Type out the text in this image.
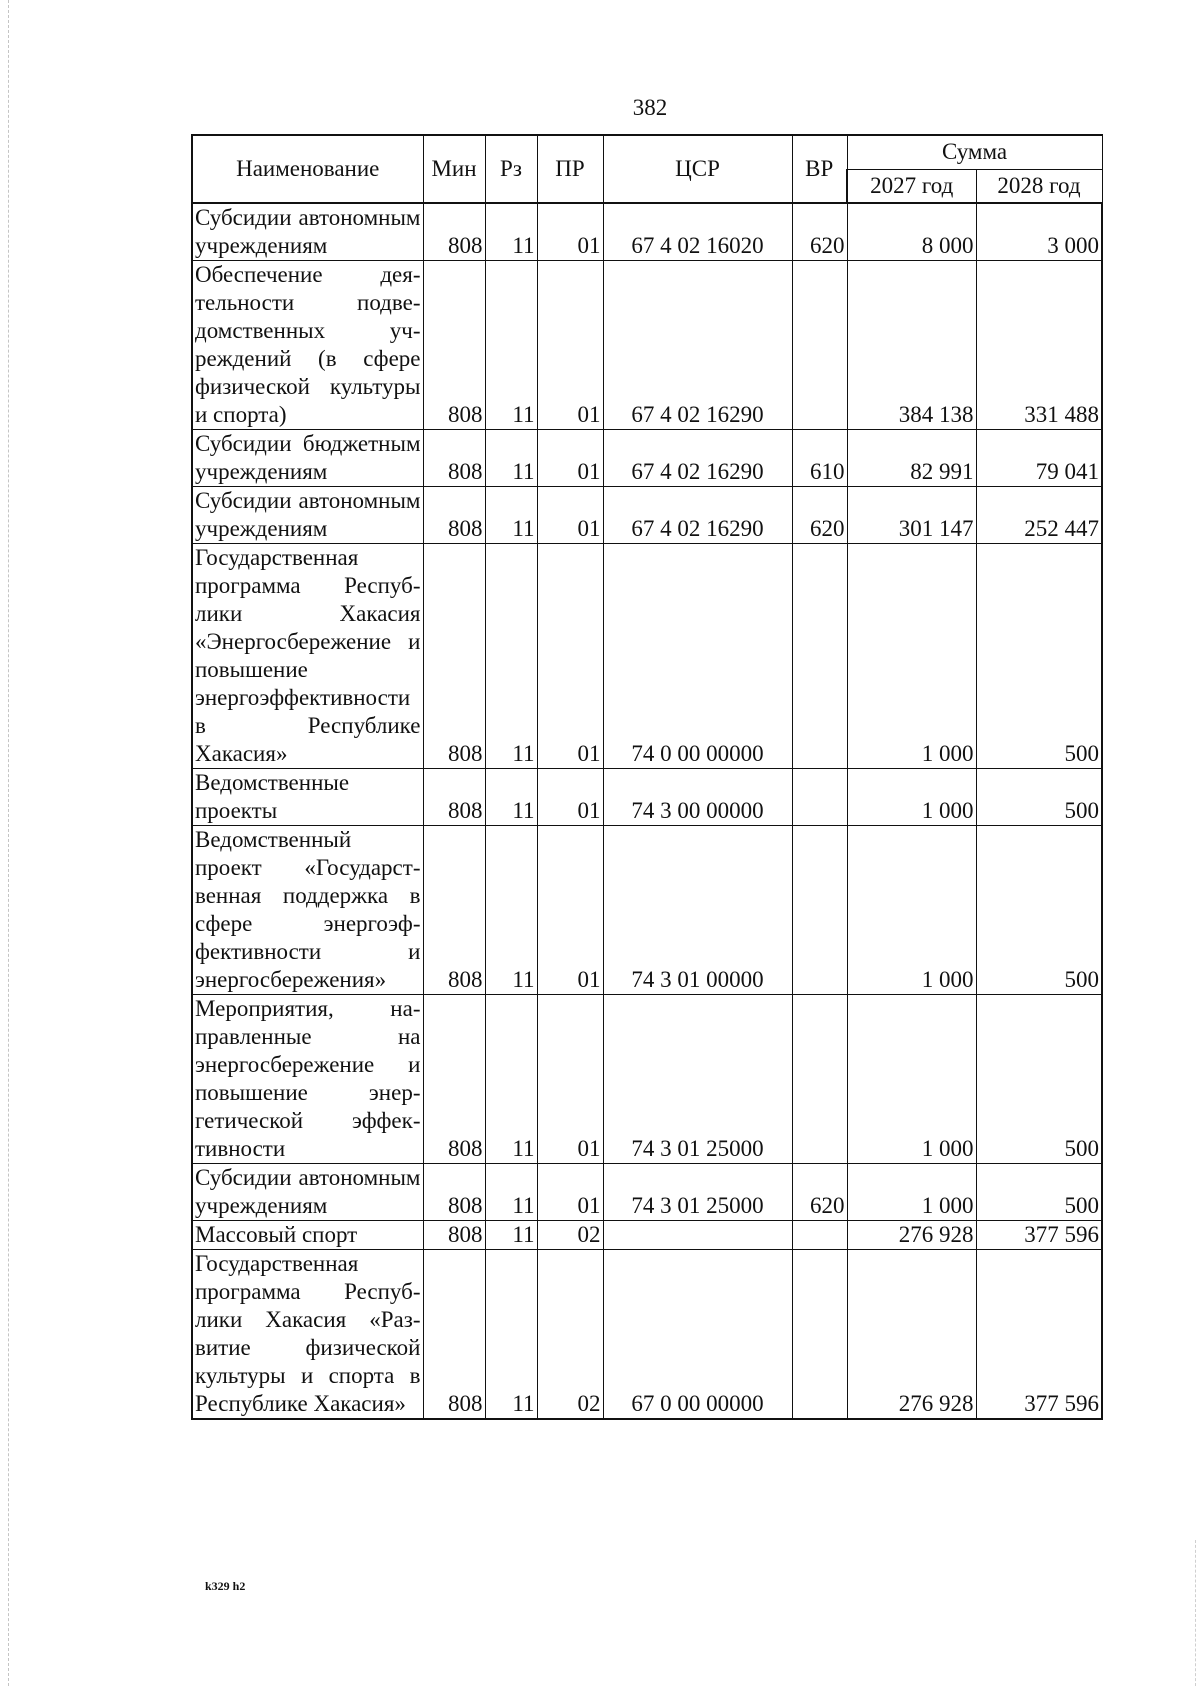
382
Наименование	Мин	Рз	ПР	ЦСР	ВР	Сумма	
						2027 год	2028 год
Субсидии автономным учреждениям	808	11	01	67 4 02 16020	620	8 000	3 000
Обеспечение деятельности подведомственных учреждений (в сфере физической культуры и спорта)	808	11	01	67 4 02 16290		384 138	331 488
Субсидии бюджетным учреждениям	808	11	01	67 4 02 16290	610	82 991	79 041
Субсидии автономным учреждениям	808	11	01	67 4 02 16290	620	301 147	252 447
Государственная программа Республики Хакасия «Энергосбережение и повышение энергоэффективности в Республике Хакасия»	808	11	01	74 0 00 00000		1 000	500
Ведомственные проекты	808	11	01	74 3 00 00000		1 000	500
Ведомственный проект «Государственная поддержка в сфере энергоэффективности и энергосбережения»	808	11	01	74 3 01 00000		1 000	500
Мероприятия, направленные на энергосбережение и повышение энергетической эффективности	808	11	01	74 3 01 25000		1 000	500
Субсидии автономным учреждениям	808	11	01	74 3 01 25000	620	1 000	500
Массовый спорт	808	11	02			276 928	377 596
Государственная программа Республики Хакасия «Развитие физической культуры и спорта в Республике Хакасия»	808	11	02	67 0 00 00000		276 928	377 596
k329 h2
